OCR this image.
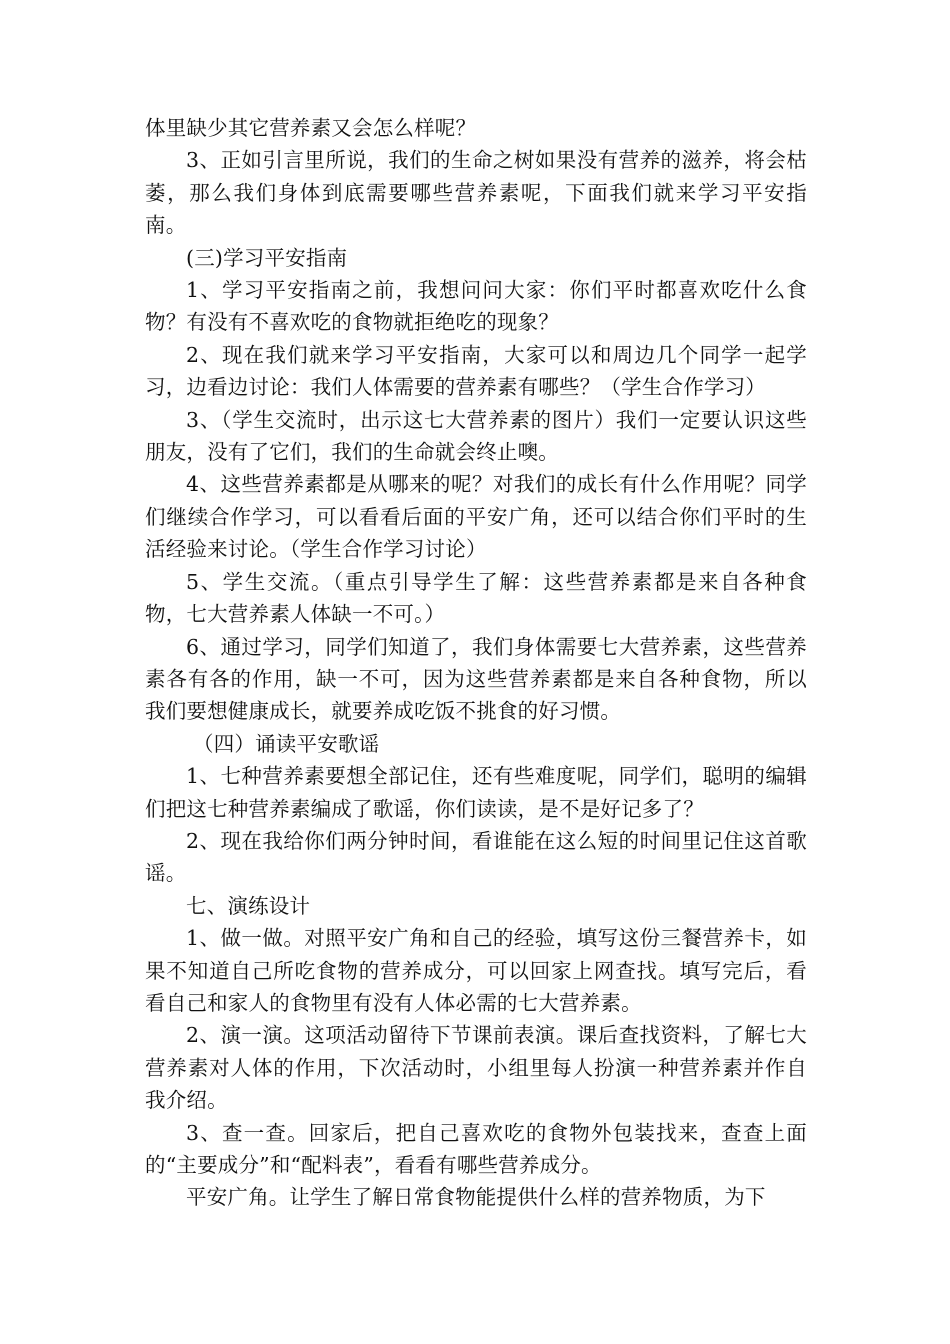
体里缺少其它营养素又会怎么样呢？

3、正如引言里所说，我们的生命之树如果没有营养的滋养，将会枯萎，那么我们身体到底需要哪些营养素呢，下面我们就来学习平安指南。

(三)学习平安指南

1、学习平安指南之前，我想问问大家：你们平时都喜欢吃什么食物？有没有不喜欢吃的食物就拒绝吃的现象？

2、现在我们就来学习平安指南，大家可以和周边几个同学一起学习，边看边讨论：我们人体需要的营养素有哪些？（学生合作学习）

3、（学生交流时，出示这七大营养素的图片）我们一定要认识这些朋友，没有了它们，我们的生命就会终止噢。

4、这些营养素都是从哪来的呢？对我们的成长有什么作用呢？同学们继续合作学习，可以看看后面的平安广角，还可以结合你们平时的生活经验来讨论。（学生合作学习讨论）

5、学生交流。（重点引导学生了解：这些营养素都是来自各种食物，七大营养素人体缺一不可。）

6、通过学习，同学们知道了，我们身体需要七大营养素，这些营养素各有各的作用，缺一不可，因为这些营养素都是来自各种食物，所以我们要想健康成长，就要养成吃饭不挑食的好习惯。

（四）诵读平安歌谣

1、七种营养素要想全部记住，还有些难度呢，同学们，聪明的编辑们把这七种营养素编成了歌谣，你们读读，是不是好记多了？

2、现在我给你们两分钟时间，看谁能在这么短的时间里记住这首歌谣。

七、演练设计

1、做一做。对照平安广角和自己的经验，填写这份三餐营养卡，如果不知道自己所吃食物的营养成分，可以回家上网查找。填写完后，看看自己和家人的食物里有没有人体必需的七大营养素。

2、演一演。这项活动留待下节课前表演。课后查找资料，了解七大营养素对人体的作用，下次活动时，小组里每人扮演一种营养素并作自我介绍。

3、查一查。回家后，把自己喜欢吃的食物外包装找来，查查上面的“主要成分”和“配料表”，看看有哪些营养成分。

平安广角。让学生了解日常食物能提供什么样的营养物质，为下
